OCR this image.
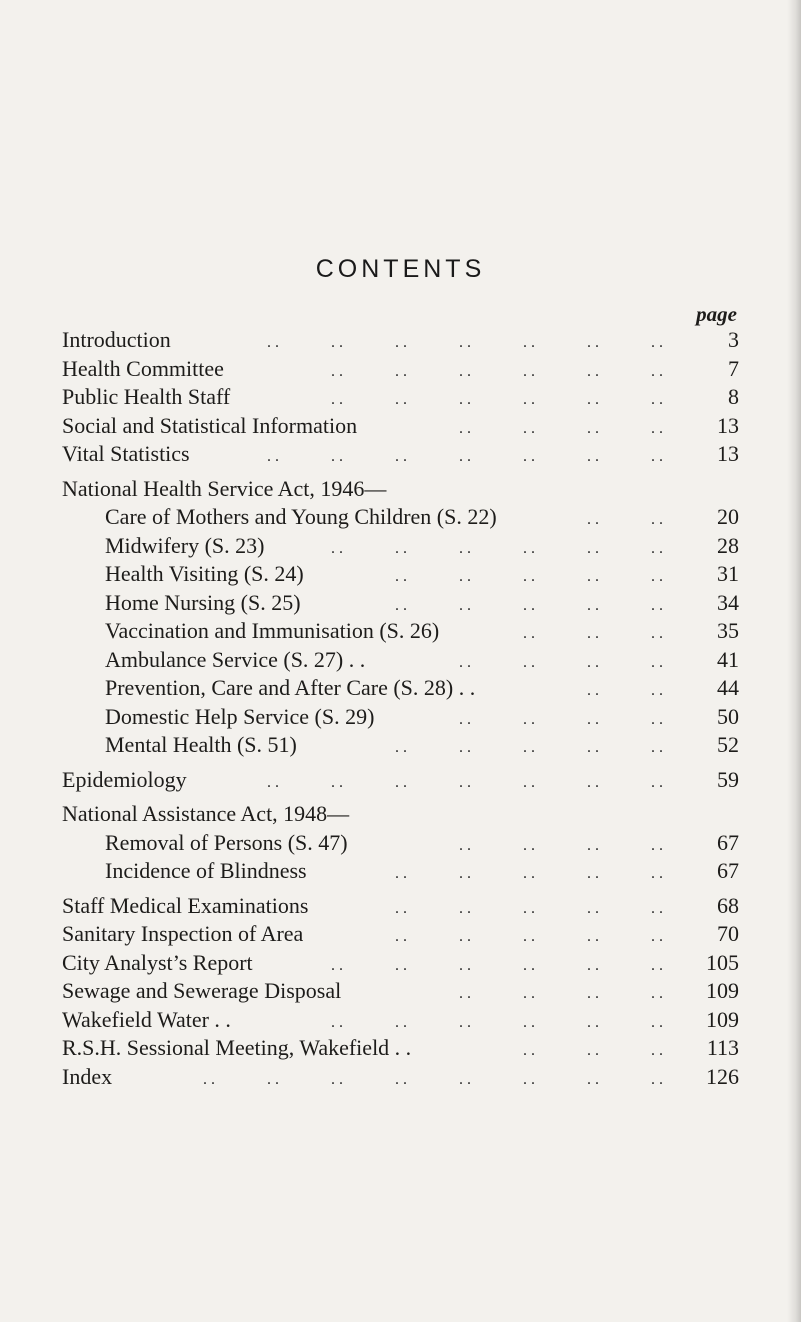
CONTENTS
page
Introduction	. .	. .	. .	. .	. .	. .	. .	3
Health Committee	. .	. .	. .	. .	. .	. .	7
Public Health Staff	. .	. .	. .	. .	. .	. .	8
Social and Statistical Information	. .	. .	. .	. .	13
Vital Statistics	. .	. .	. .	. .	. .	. .	. .	13
National Health Service Act, 1946—
Care of Mothers and Young Children (S. 22)	. .	. .	20
Midwifery (S. 23)	. .	. .	. .	. .	. .	. .	28
Health Visiting (S. 24)	. .	. .	. .	. .	. .	31
Home Nursing (S. 25)	. .	. .	. .	. .	. .	34
Vaccination and Immunisation (S. 26)	. .	. .	. .	35
Ambulance Service (S. 27) . .	. .	. .	. .	. .	41
Prevention, Care and After Care (S. 28) . .	. .	. .	44
Domestic Help Service (S. 29)	. .	. .	. .	. .	50
Mental Health (S. 51)	. .	. .	. .	. .	. .	52
Epidemiology	. .	. .	. .	. .	. .	. .	. .	59
National Assistance Act, 1948—
Removal of Persons (S. 47)	. .	. .	. .	. .	67
Incidence of Blindness	. .	. .	. .	. .	. .	67
Staff Medical Examinations	. .	. .	. .	. .	. .	68
Sanitary Inspection of Area	. .	. .	. .	. .	. .	70
City Analyst’s Report	. .	. .	. .	. .	. .	. .	105
Sewage and Sewerage Disposal	. .	. .	. .	. .	109
Wakefield Water . .	. .	. .	. .	. .	. .	. .	109
R.S.H. Sessional Meeting, Wakefield . .	. .	. .	. .	113
Index	. .	. .	. .	. .	. .	. .	. .	. .	126
